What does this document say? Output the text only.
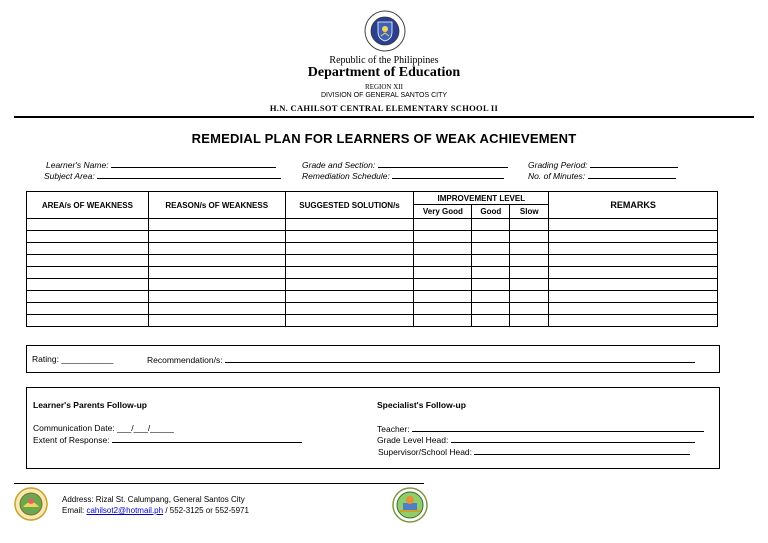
Republic of the Philippines
Department of Education
REGION XII
DIVISION OF GENERAL SANTOS CITY
H.N. CAHILSOT CENTRAL ELEMENTARY SCHOOL II
REMEDIAL PLAN FOR LEARNERS OF WEAK ACHIEVEMENT
Learner's Name:
Subject Area:
Grade and Section:
Remediation Schedule:
Grading Period:
No. of Minutes:
AREA/s OF WEAKNESS	REASON/s OF WEAKNESS	SUGGESTED SOLUTION/s	IMPROVEMENT LEVEL			REMARKS
			Very Good	Good	Slow	

Rating: ___________	Recommendation/s:
Learner's Parents Follow-up
Communication Date: ___/___/_____
Extent of Response:
Specialist's Follow-up
Teacher:
Grade Level Head:
Supervisor/School Head:
Address: Rizal St. Calumpang, General Santos City
Email: cahilsot2@hotmail.ph / 552-3125 or 552-5971
